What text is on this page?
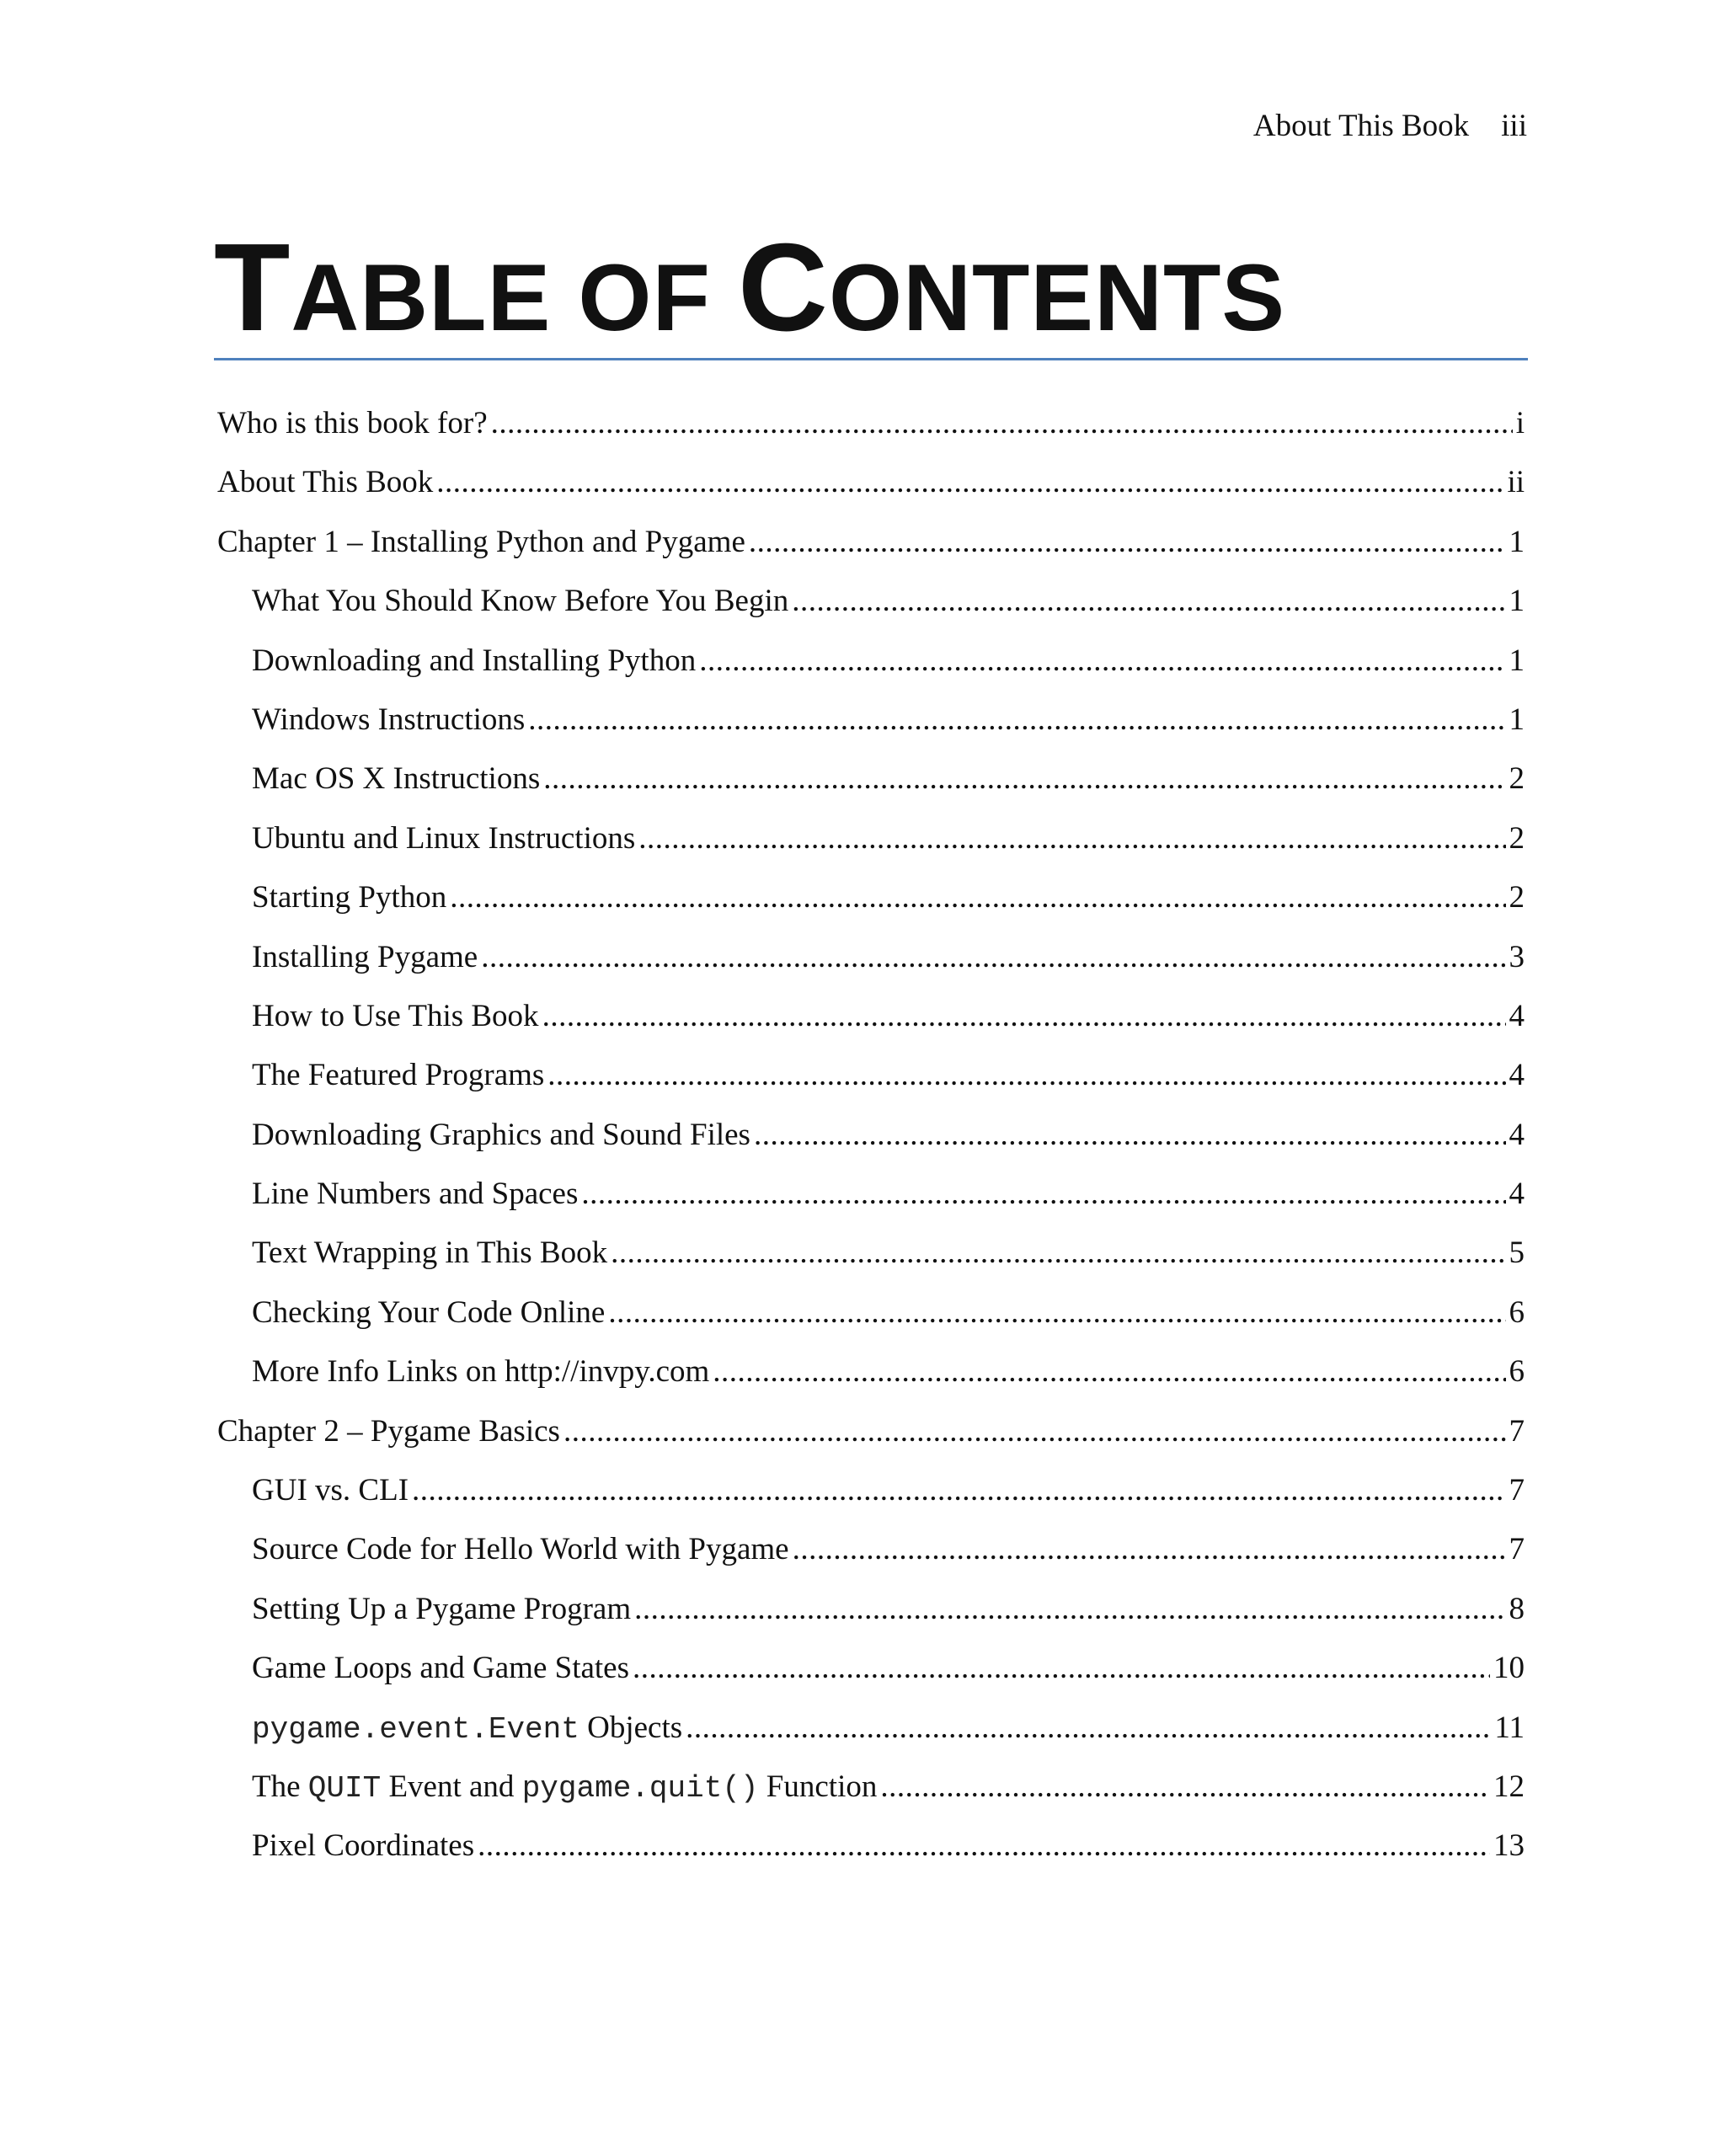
About This Book iii
TABLE OF CONTENTS
Who is this book for? .....	i
About This Book .....	ii
Chapter 1 – Installing Python and Pygame .....	1
What You Should Know Before You Begin .....	1
Downloading and Installing Python .....	1
Windows Instructions .....	1
Mac OS X Instructions .....	2
Ubuntu and Linux Instructions .....	2
Starting Python .....	2
Installing Pygame .....	3
How to Use This Book .....	4
The Featured Programs .....	4
Downloading Graphics and Sound Files .....	4
Line Numbers and Spaces .....	4
Text Wrapping in This Book .....	5
Checking Your Code Online .....	6
More Info Links on http://invpy.com .....	6
Chapter 2 – Pygame Basics .....	7
GUI vs. CLI .....	7
Source Code for Hello World with Pygame .....	7
Setting Up a Pygame Program .....	8
Game Loops and Game States .....	10
pygame.event.Event Objects .....	11
The QUIT Event and pygame.quit() Function .....	12
Pixel Coordinates .....	13
